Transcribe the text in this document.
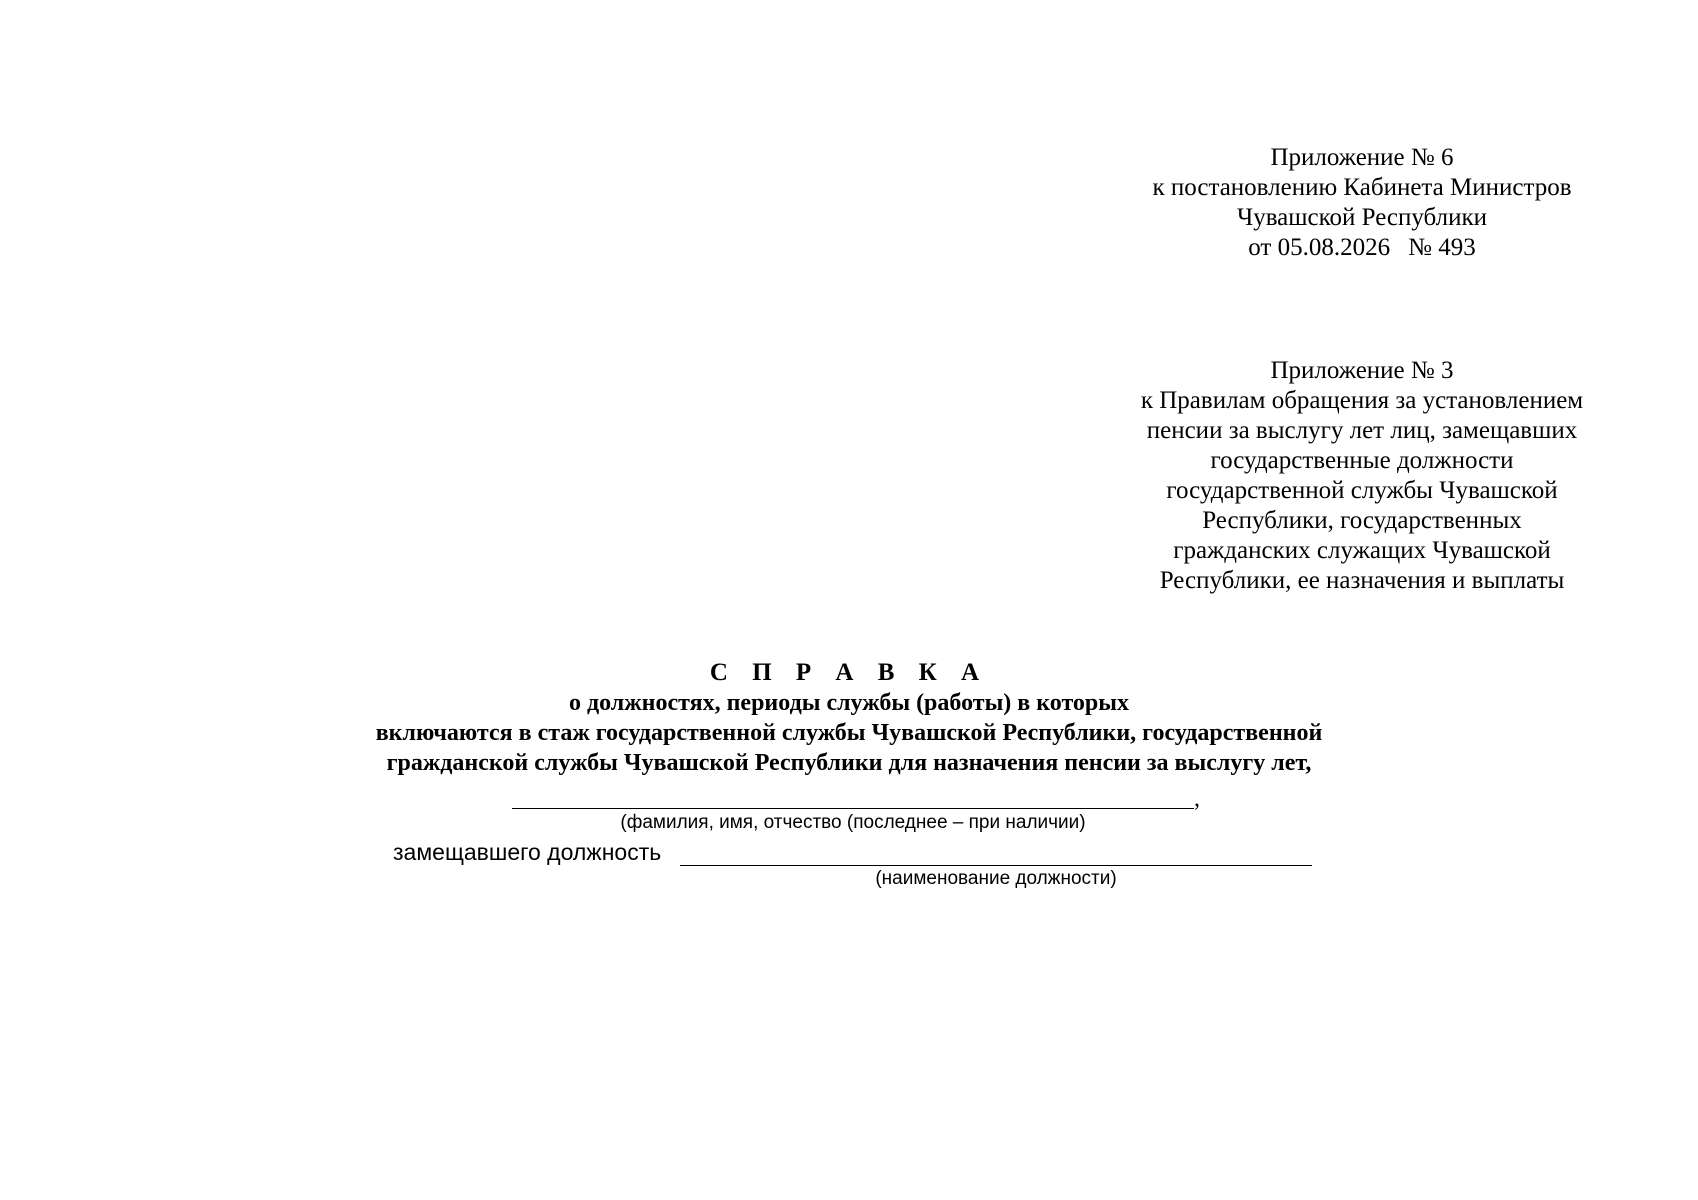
Приложение № 6
к постановлению Кабинета Министров
Чувашской Республики
от 05.08.2026 № 493
Приложение № 3
к Правилам обращения за установлением
пенсии за выслугу лет лиц, замещавших
государственные должности
государственной службы Чувашской
Республики, государственных
гражданских служащих Чувашской
Республики, ее назначения и выплаты
С П Р А В К А
о должностях, периоды службы (работы) в которых
включаются в стаж государственной службы Чувашской Республики, государственной
гражданской службы Чувашской Республики для назначения пенсии за выслугу лет,
,
(фамилия, имя, отчество (последнее – при наличии)
замещавшего должность
(наименование должности)
